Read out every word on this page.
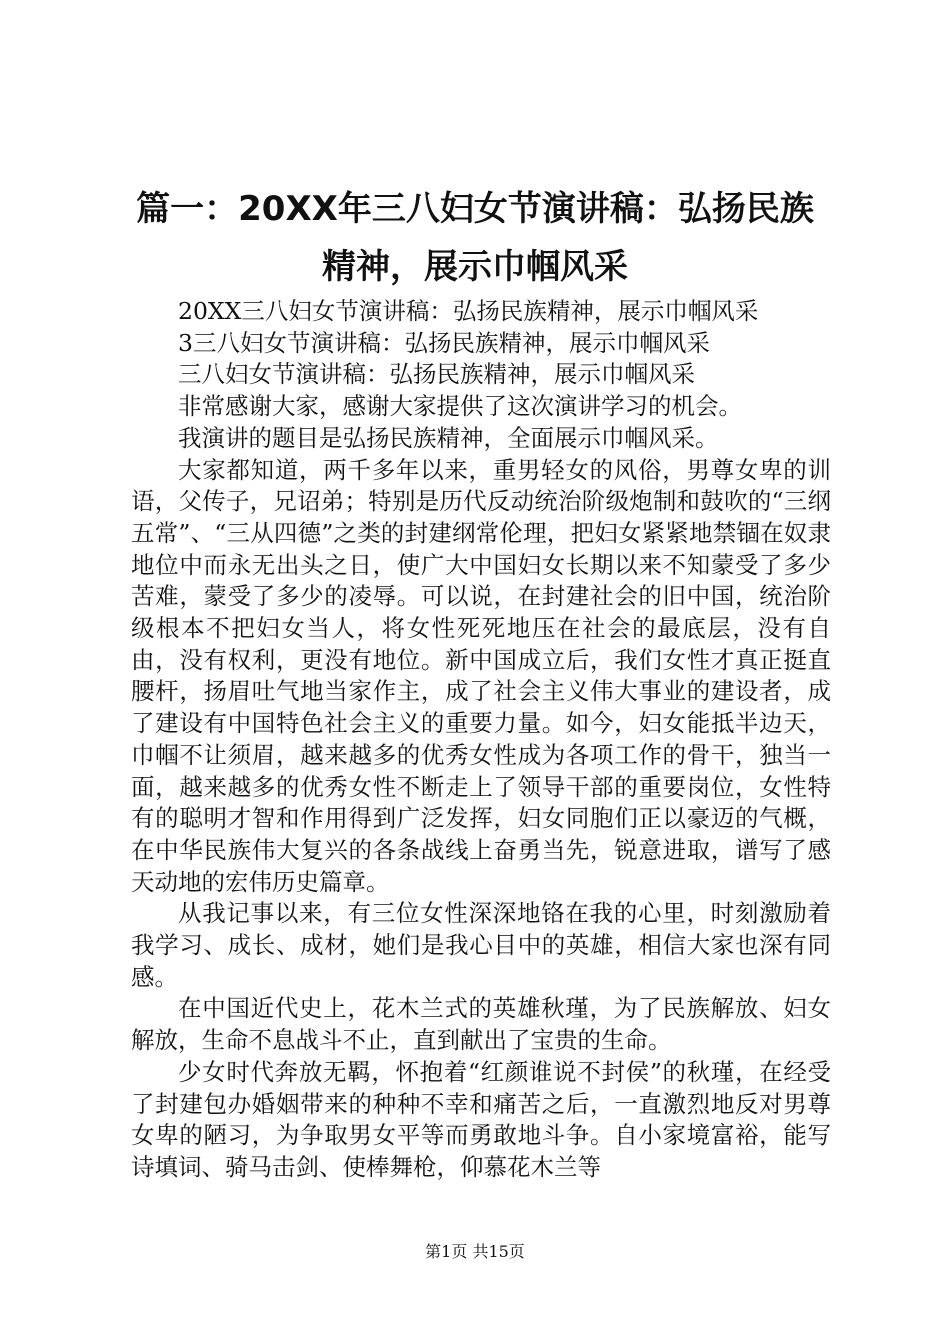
篇一：20XX年三八妇女节演讲稿：弘扬民族
精神，展示巾帼风采

20XX三八妇女节演讲稿：弘扬民族精神，展示巾帼风采

3三八妇女节演讲稿：弘扬民族精神，展示巾帼风采

三八妇女节演讲稿：弘扬民族精神，展示巾帼风采

非常感谢大家，感谢大家提供了这次演讲学习的机会。

我演讲的题目是弘扬民族精神，全面展示巾帼风采。

大家都知道，两千多年以来，重男轻女的风俗，男尊女卑的训语，父传子，兄诏弟；特别是历代反动统治阶级炮制和鼓吹的“三纲五常”、“三从四德”之类的封建纲常伦理，把妇女紧紧地禁锢在奴隶地位中而永无出头之日，使广大中国妇女长期以来不知蒙受了多少苦难，蒙受了多少的凌辱。可以说，在封建社会的旧中国，统治阶级根本不把妇女当人，将女性死死地压在社会的最底层，没有自由，没有权利，更没有地位。新中国成立后，我们女性才真正挺直腰杆，扬眉吐气地当家作主，成了社会主义伟大事业的建设者，成了建设有中国特色社会主义的重要力量。如今，妇女能抵半边天，巾帼不让须眉，越来越多的优秀女性成为各项工作的骨干，独当一面，越来越多的优秀女性不断走上了领导干部的重要岗位，女性特有的聪明才智和作用得到广泛发挥，妇女同胞们正以豪迈的气概，在中华民族伟大复兴的各条战线上奋勇当先，锐意进取，谱写了感天动地的宏伟历史篇章。

从我记事以来，有三位女性深深地铬在我的心里，时刻激励着我学习、成长、成材，她们是我心目中的英雄，相信大家也深有同感。

在中国近代史上，花木兰式的英雄秋瑾，为了民族解放、妇女解放，生命不息战斗不止，直到献出了宝贵的生命。

少女时代奔放无羁，怀抱着“红颜谁说不封侯”的秋瑾，在经受了封建包办婚姻带来的种种不幸和痛苦之后，一直激烈地反对男尊女卑的陋习，为争取男女平等而勇敢地斗争。自小家境富裕，能写诗填词、骑马击剑、使棒舞枪，仰慕花木兰等

第1页 共15页
